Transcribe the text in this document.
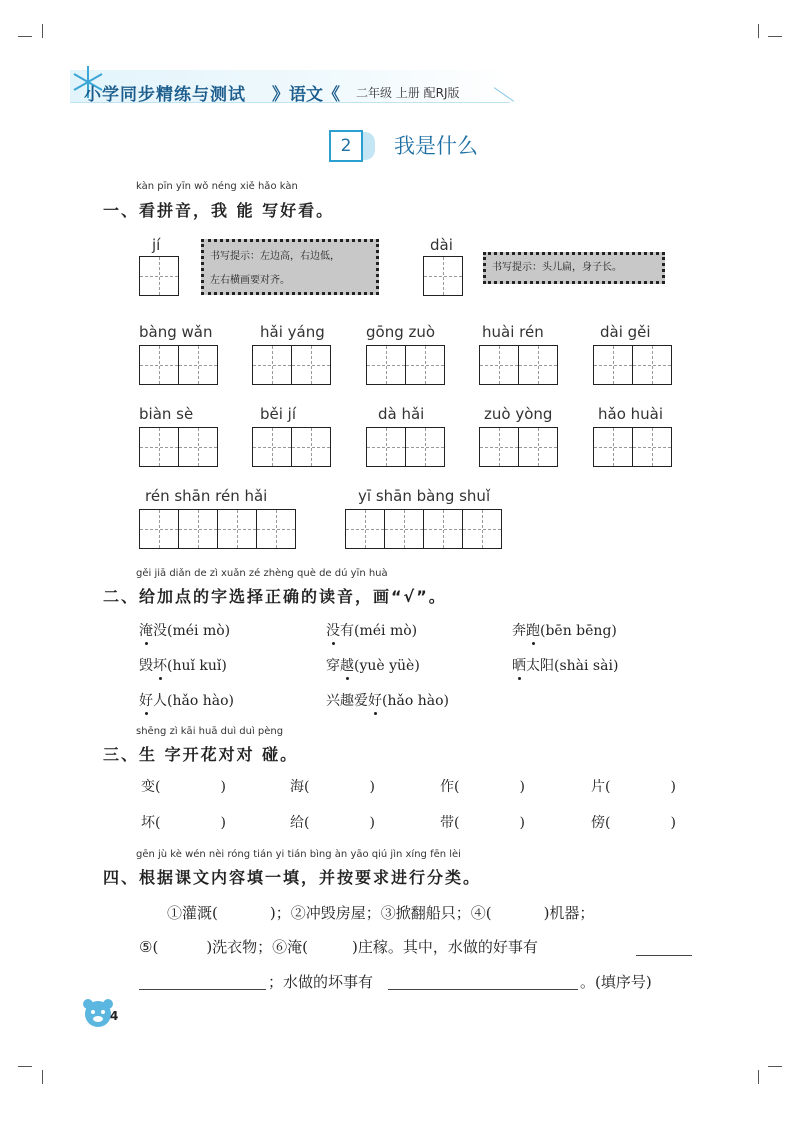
小学同步精练与测试 》语文《 二年级 上册 配RJ版
2	我是什么
kàn pīn yīn wǒ néng xiě hǎo kàn
一、看拼音，我 能 写好看。
jí
书写提示：左边高，右边低，
左右横画要对齐。
dài
书写提示：头儿扁，身子长。
bàng wǎn	hǎi yáng	gōng zuò	huài rén	dài gěi
biàn sè	běi jí	dà hǎi	zuò yòng	hǎo huài
rén shān rén hǎi	yī shān bàng shuǐ
gěi jiā diǎn de zì xuǎn zé zhèng què de dú yīn huà
二、给加点的字选择正确的读音，画“√”。
淹没(méi mò)	没有(méi mò)	奔跑(bēn bēng)
毁坏(huǐ kuǐ)	穿越(yuè yüè)	晒太阳(shài sài)
好人(hǎo hào)	兴趣爱好(hǎo hào)
shēng zì kāi huā duì duì pèng
三、生 字开花对对 碰。
变(	)	海(	)	作(	)	片(	)
坏(	)	给(	)	带(	)	傍(	)
gēn jù kè wén nèi róng tián yi tián bìng àn yāo qiú jìn xíng fēn lèi
四、根据课文内容填一填，并按要求进行分类。
①灌溉(	)；②冲毁房屋；③掀翻船只；④(	)机器；
⑤(	)洗衣物；⑥淹(	)庄稼。其中，水做的好事有
；水做的坏事有	。(填序号)
4
